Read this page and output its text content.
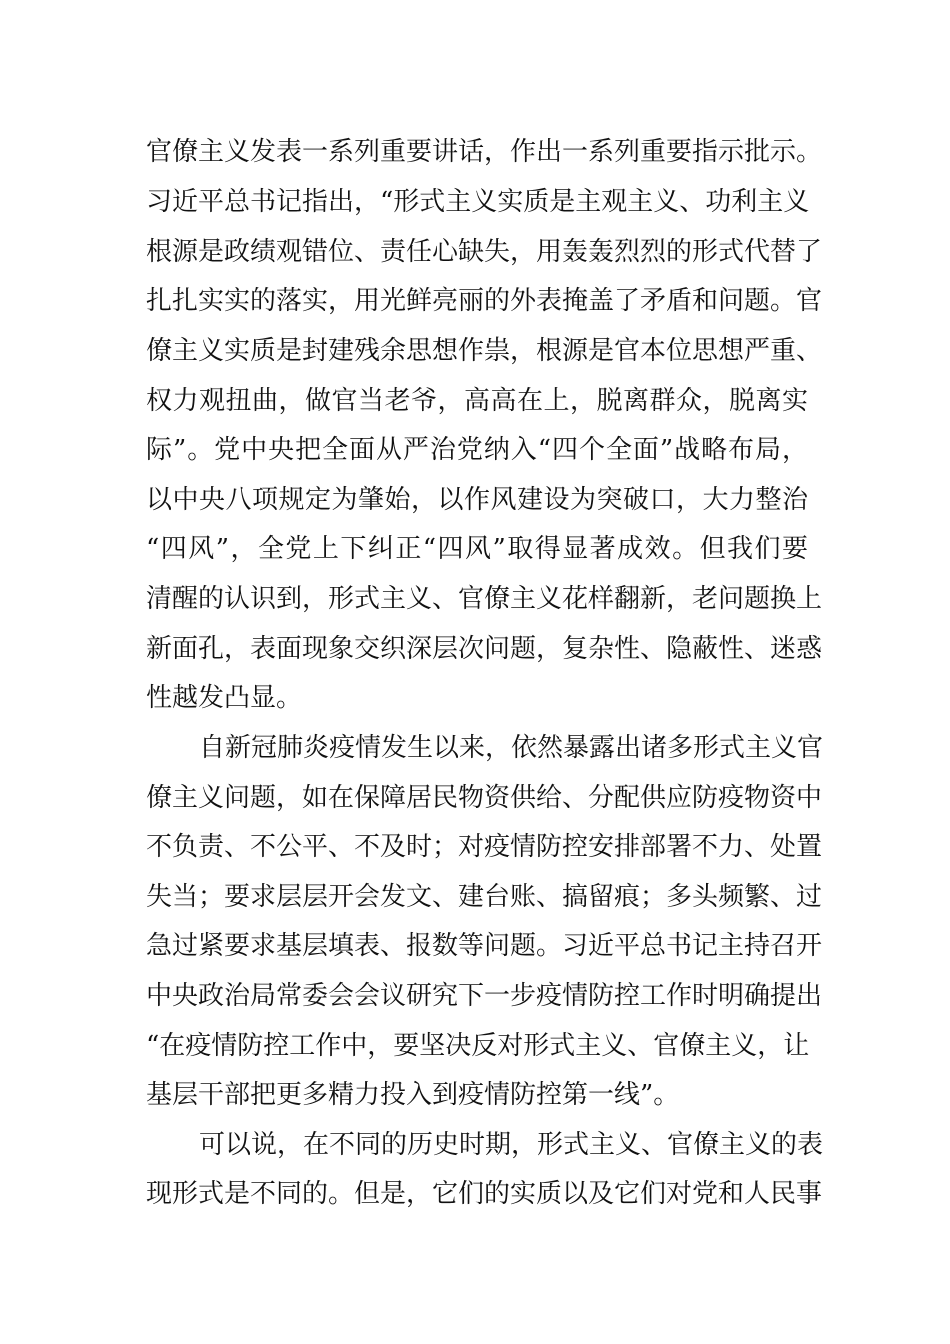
官僚主义发表一系列重要讲话，作出一系列重要指示批示。
习近平总书记指出，“形式主义实质是主观主义、功利主义
根源是政绩观错位、责任心缺失，用轰轰烈烈的形式代替了
扎扎实实的落实，用光鲜亮丽的外表掩盖了矛盾和问题。官
僚主义实质是封建残余思想作祟，根源是官本位思想严重、
权力观扭曲，做官当老爷，高高在上，脱离群众，脱离实
际”。党中央把全面从严治党纳入“四个全面”战略布局，
以中央八项规定为肇始，以作风建设为突破口，大力整治
“四风”，全党上下纠正“四风”取得显著成效。但我们要
清醒的认识到，形式主义、官僚主义花样翻新，老问题换上
新面孔，表面现象交织深层次问题，复杂性、隐蔽性、迷惑
性越发凸显。
自新冠肺炎疫情发生以来，依然暴露出诸多形式主义官
僚主义问题，如在保障居民物资供给、分配供应防疫物资中
不负责、不公平、不及时；对疫情防控安排部署不力、处置
失当；要求层层开会发文、建台账、搞留痕；多头频繁、过
急过紧要求基层填表、报数等问题。习近平总书记主持召开
中央政治局常委会会议研究下一步疫情防控工作时明确提出
“在疫情防控工作中，要坚决反对形式主义、官僚主义，让
基层干部把更多精力投入到疫情防控第一线”。
可以说，在不同的历史时期，形式主义、官僚主义的表
现形式是不同的。但是，它们的实质以及它们对党和人民事
